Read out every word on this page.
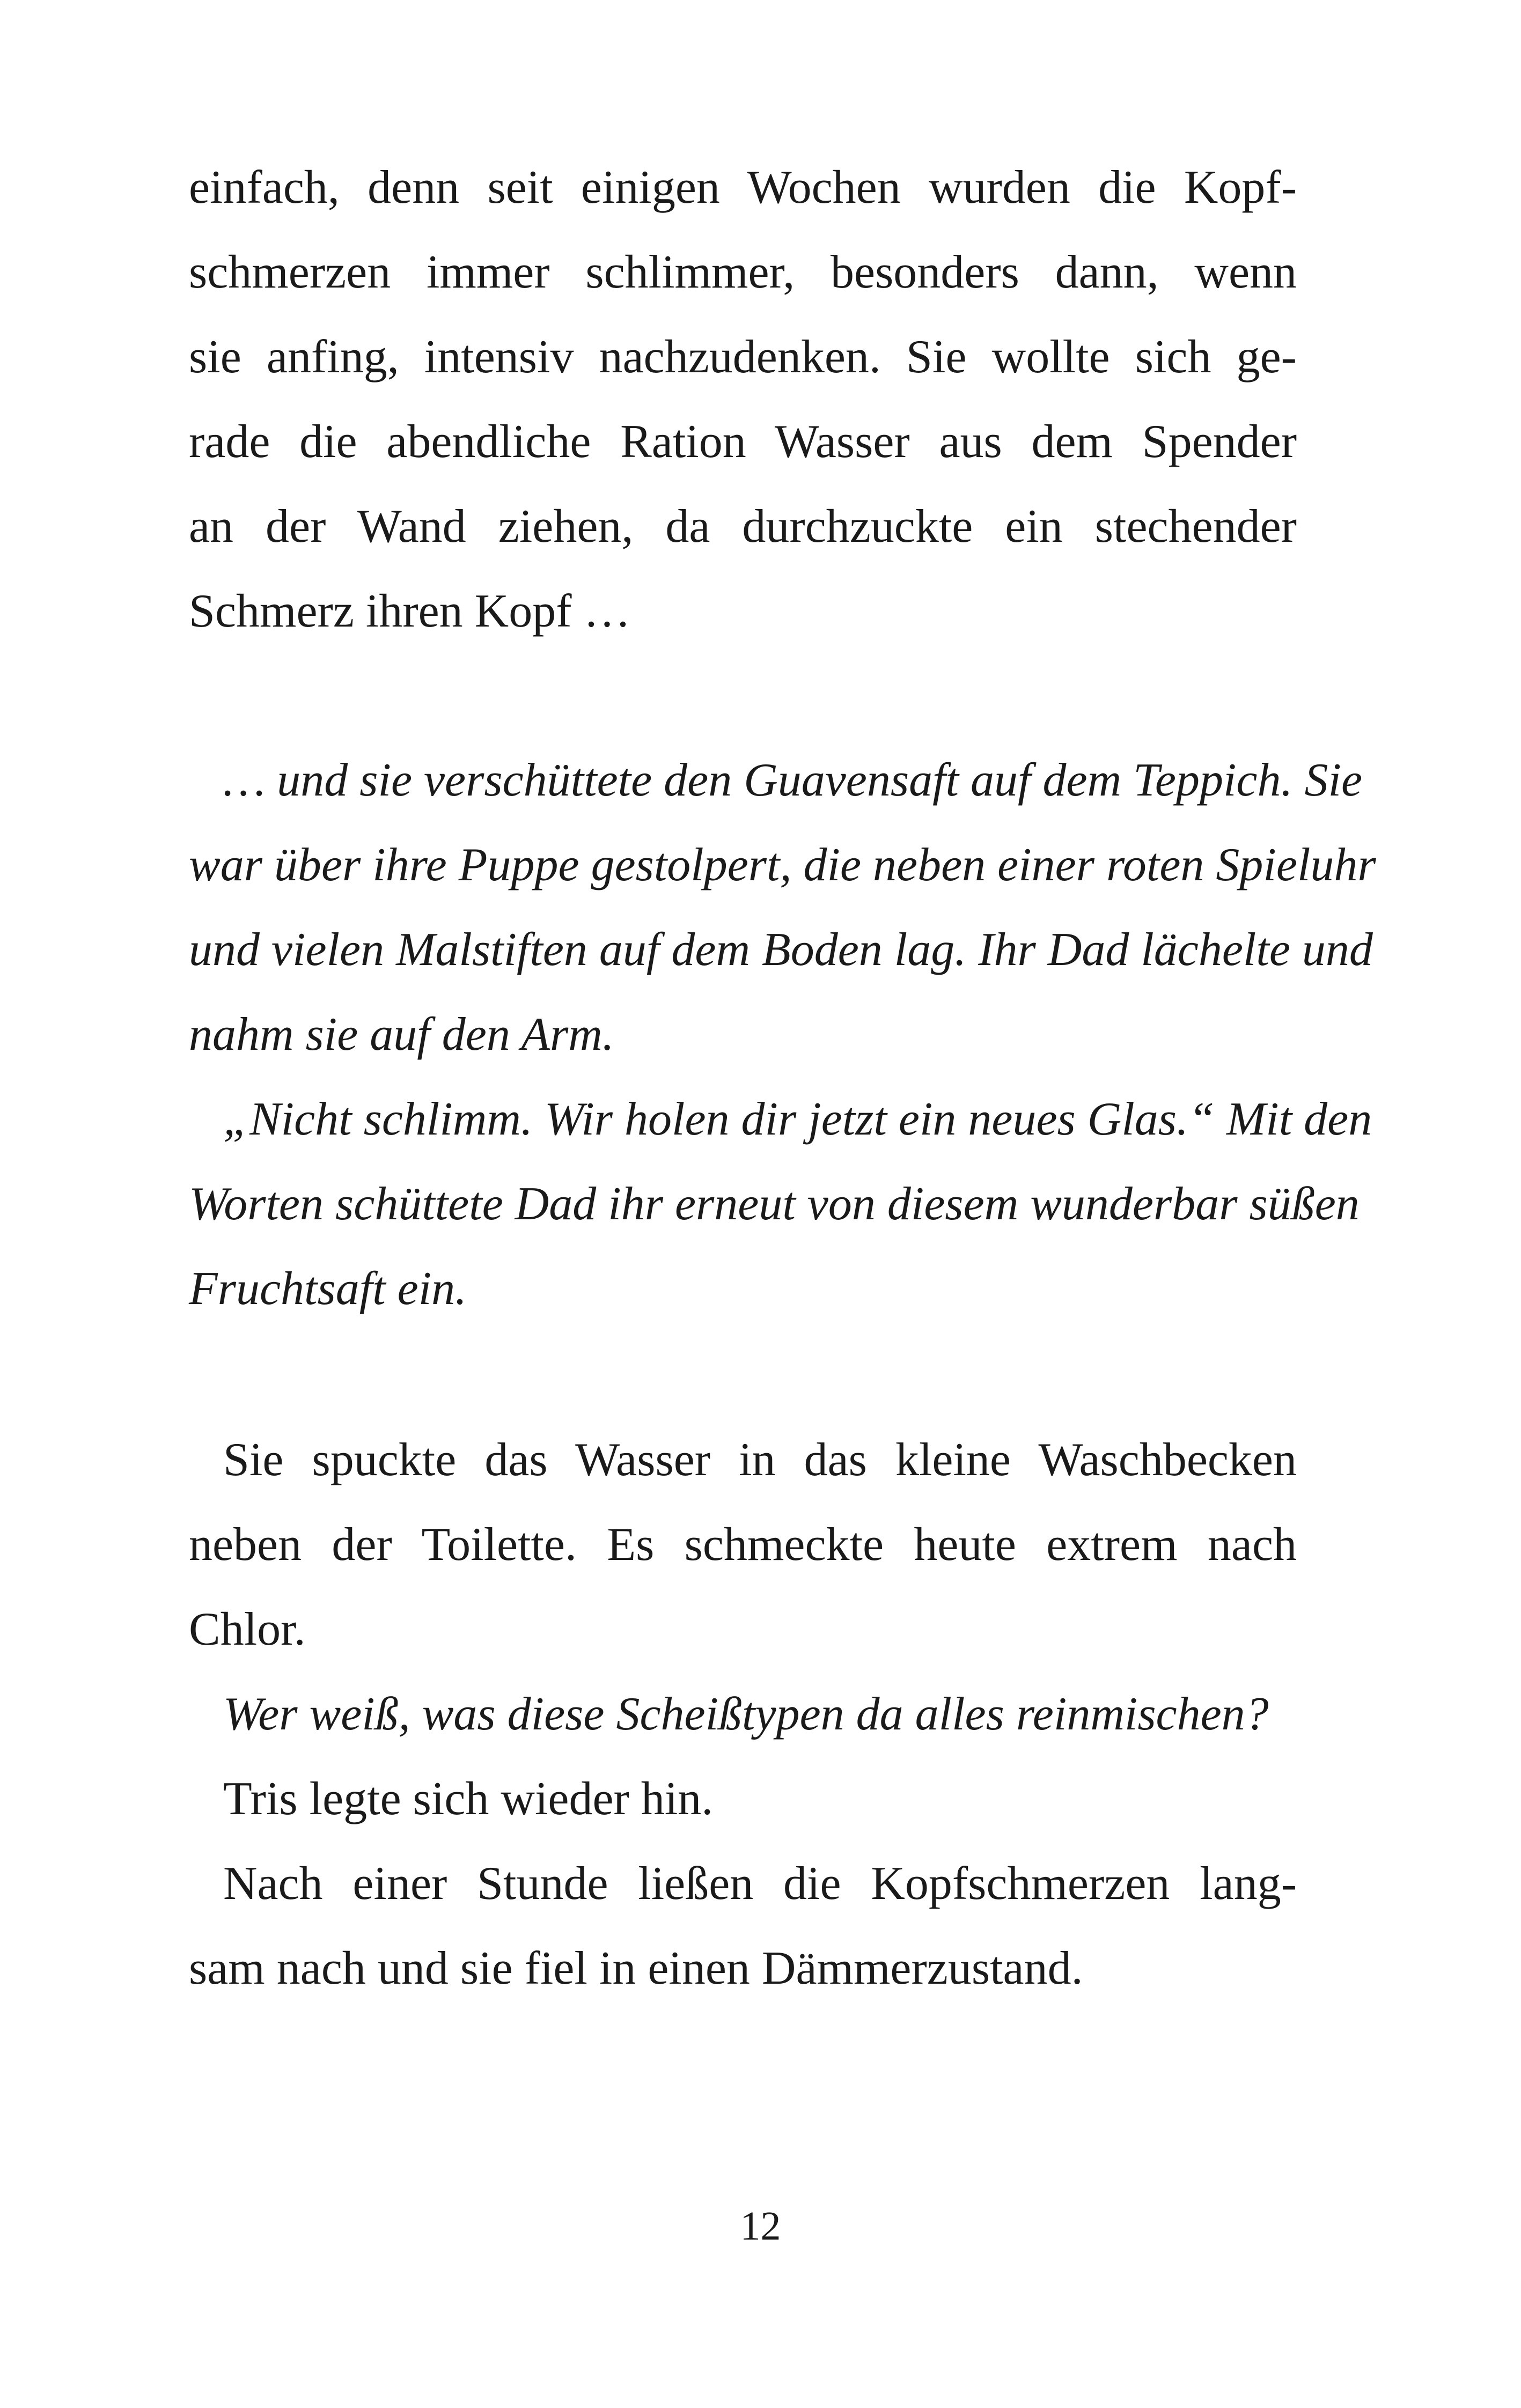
einfach, denn seit einigen Wochen wurden die Kopf-

schmerzen immer schlimmer, besonders dann, wenn

sie anfing, intensiv nachzudenken. Sie wollte sich ge-

rade die abendliche Ration Wasser aus dem Spender

an der Wand ziehen, da durchzuckte ein stechender

Schmerz ihren Kopf …

… und sie verschüttete den Guavensaft auf dem Teppich. Sie

war über ihre Puppe gestolpert, die neben einer roten Spieluhr

und vielen Malstiften auf dem Boden lag. Ihr Dad lächelte und

nahm sie auf den Arm.

„Nicht schlimm. Wir holen dir jetzt ein neues Glas.“ Mit den

Worten schüttete Dad ihr erneut von diesem wunderbar süßen

Fruchtsaft ein.

Sie spuckte das Wasser in das kleine Waschbecken

neben der Toilette. Es schmeckte heute extrem nach

Chlor.

Wer weiß, was diese Scheißtypen da alles reinmischen?

Tris legte sich wieder hin.

Nach einer Stunde ließen die Kopfschmerzen lang-

sam nach und sie fiel in einen Dämmerzustand.

12
